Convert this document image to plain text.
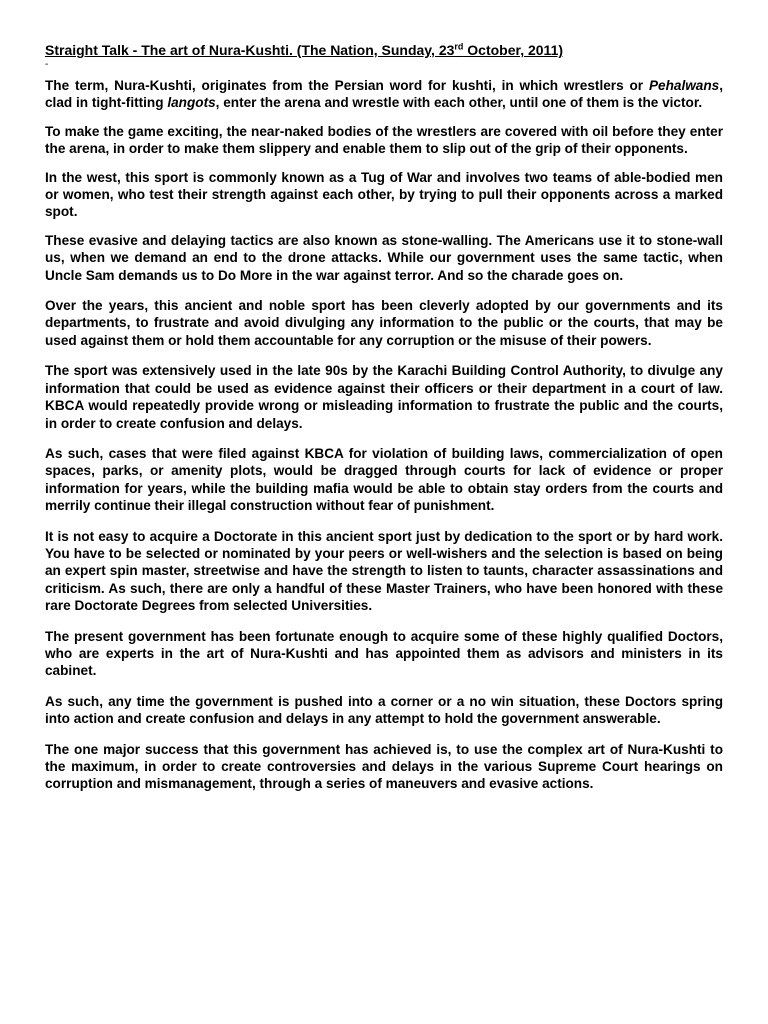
Straight Talk - The art of Nura-Kushti. (The Nation, Sunday, 23rd October, 2011)

-

The term, Nura-Kushti, originates from the Persian word for kushti, in which wrestlers or Pehalwans, clad in tight-fitting langots, enter the arena and wrestle with each other, until one of them is the victor.

To make the game exciting, the near-naked bodies of the wrestlers are covered with oil before they enter the arena, in order to make them slippery and enable them to slip out of the grip of their opponents.

In the west, this sport is commonly known as a Tug of War and involves two teams of able-bodied men or women, who test their strength against each other, by trying to pull their opponents across a marked spot.

These evasive and delaying tactics are also known as stone-walling. The Americans use it to stone-wall us, when we demand an end to the drone attacks. While our government uses the same tactic, when Uncle Sam demands us to Do More in the war against terror. And so the charade goes on.

Over the years, this ancient and noble sport has been cleverly adopted by our governments and its departments, to frustrate and avoid divulging any information to the public or the courts, that may be used against them or hold them accountable for any corruption or the misuse of their powers.

The sport was extensively used in the late 90s by the Karachi Building Control Authority, to divulge any information that could be used as evidence against their officers or their department in a court of law. KBCA would repeatedly provide wrong or misleading information to frustrate the public and the courts, in order to create confusion and delays.

As such, cases that were filed against KBCA for violation of building laws, commercialization of open spaces, parks, or amenity plots, would be dragged through courts for lack of evidence or proper information for years, while the building mafia would be able to obtain stay orders from the courts and merrily continue their illegal construction without fear of punishment.

It is not easy to acquire a Doctorate in this ancient sport just by dedication to the sport or by hard work. You have to be selected or nominated by your peers or well-wishers and the selection is based on being an expert spin master, streetwise and have the strength to listen to taunts, character assassinations and criticism. As such, there are only a handful of these Master Trainers, who have been honored with these rare Doctorate Degrees from selected Universities.

The present government has been fortunate enough to acquire some of these highly qualified Doctors, who are experts in the art of Nura-Kushti and has appointed them as advisors and ministers in its cabinet.

As such, any time the government is pushed into a corner or a no win situation, these Doctors spring into action and create confusion and delays in any attempt to hold the government answerable.

The one major success that this government has achieved is, to use the complex art of Nura-Kushti to the maximum, in order to create controversies and delays in the various Supreme Court hearings on corruption and mismanagement, through a series of maneuvers and evasive actions.
